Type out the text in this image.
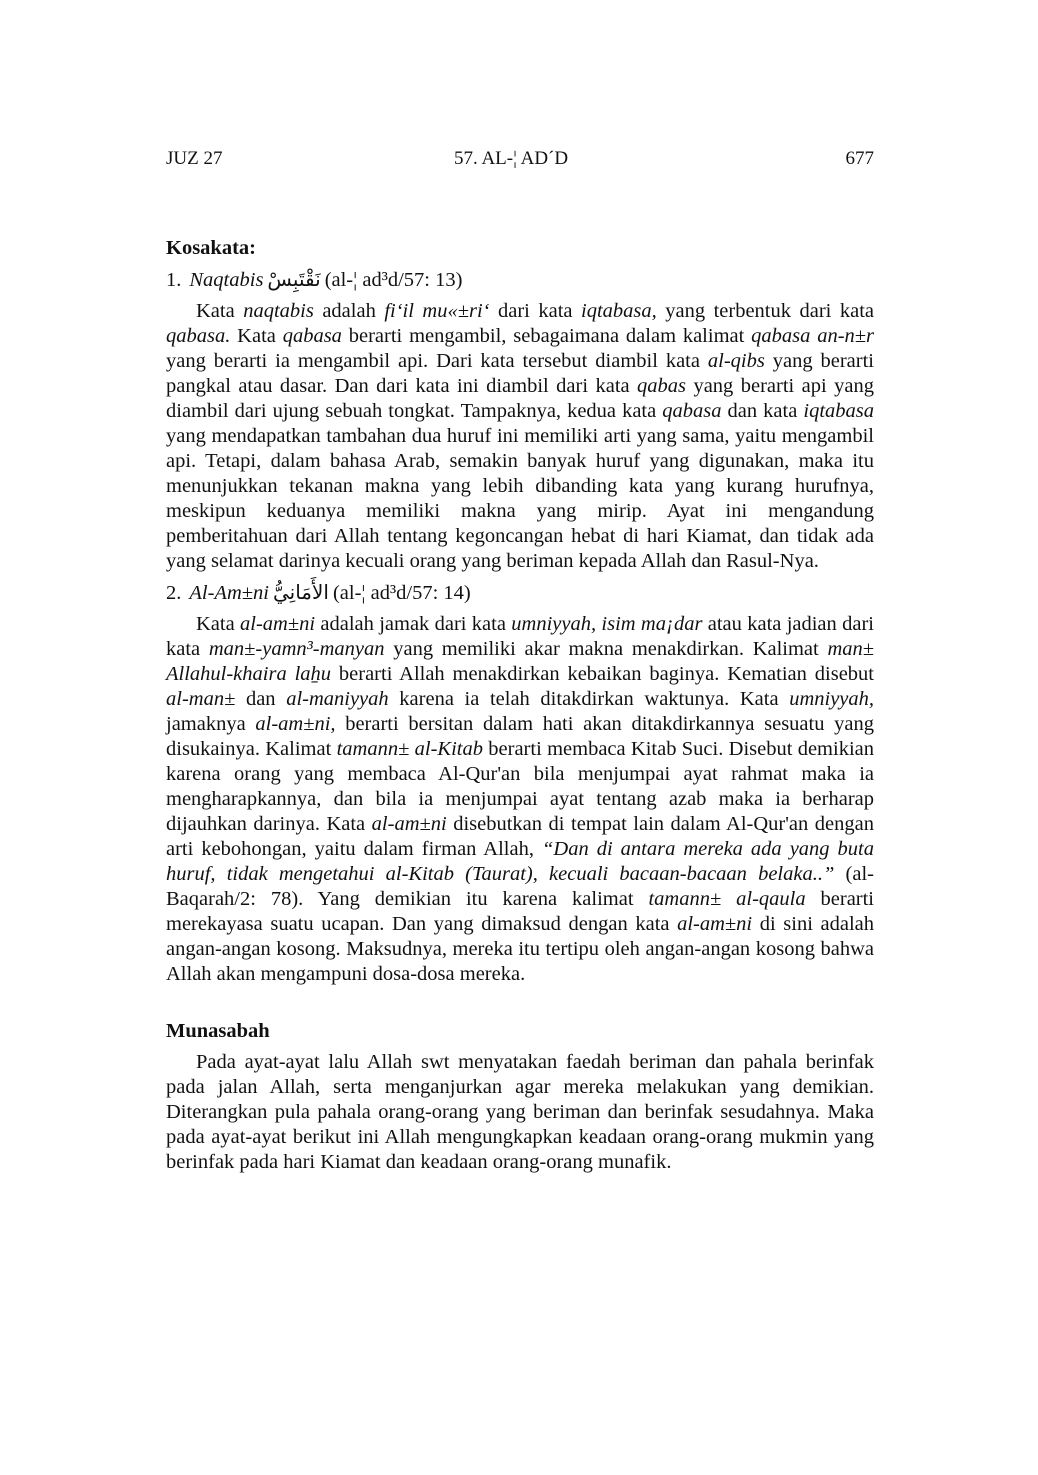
JUZ 27	57. AL-¦ AD´D	677
Kosakata:
1. Naqtabis نَقْتَبِسْ (al-¦ ad³d/57: 13)

Kata naqtabis adalah fi‘il mu«±ri‘ dari kata iqtabasa, yang terbentuk dari kata qabasa. Kata qabasa berarti mengambil, sebagaimana dalam kalimat qabasa an-n±r yang berarti ia mengambil api. Dari kata tersebut diambil kata al-qibs yang berarti pangkal atau dasar. Dan dari kata ini diambil dari kata qabas yang berarti api yang diambil dari ujung sebuah tongkat. Tampaknya, kedua kata qabasa dan kata iqtabasa yang mendapatkan tambahan dua huruf ini memiliki arti yang sama, yaitu mengambil api. Tetapi, dalam bahasa Arab, semakin banyak huruf yang digunakan, maka itu menunjukkan tekanan makna yang lebih dibanding kata yang kurang hurufnya, meskipun keduanya memiliki makna yang mirip. Ayat ini mengandung pemberitahuan dari Allah tentang kegoncangan hebat di hari Kiamat, dan tidak ada yang selamat darinya kecuali orang yang beriman kepada Allah dan Rasul-Nya.

2. Al-Am±ni الأَمَانِيُّ (al-¦ ad³d/57: 14)

Kata al-am±ni adalah jamak dari kata umniyyah, isim ma¡dar atau kata jadian dari kata man±-yamn³-manyan yang memiliki akar makna menakdirkan. Kalimat man± Allahul-khaira laẖu berarti Allah menakdirkan kebaikan baginya. Kematian disebut al-man± dan al-maniyyah karena ia telah ditakdirkan waktunya. Kata umniyyah, jamaknya al-am±ni, berarti bersitan dalam hati akan ditakdirkannya sesuatu yang disukainya. Kalimat tamann± al-Kitab berarti membaca Kitab Suci. Disebut demikian karena orang yang membaca Al-Qur'an bila menjumpai ayat rahmat maka ia mengharapkannya, dan bila ia menjumpai ayat tentang azab maka ia berharap dijauhkan darinya. Kata al-am±ni disebutkan di tempat lain dalam Al-Qur'an dengan arti kebohongan, yaitu dalam firman Allah, “Dan di antara mereka ada yang buta huruf, tidak mengetahui al-Kitab (Taurat), kecuali bacaan-bacaan belaka..” (al-Baqarah/2: 78). Yang demikian itu karena kalimat tamann± al-qaula berarti merekayasa suatu ucapan. Dan yang dimaksud dengan kata al-am±ni di sini adalah angan-angan kosong. Maksudnya, mereka itu tertipu oleh angan-angan kosong bahwa Allah akan mengampuni dosa-dosa mereka.

Munasabah

Pada ayat-ayat lalu Allah swt menyatakan faedah beriman dan pahala berinfak pada jalan Allah, serta menganjurkan agar mereka melakukan yang demikian. Diterangkan pula pahala orang-orang yang beriman dan berinfak sesudahnya. Maka pada ayat-ayat berikut ini Allah mengungkapkan keadaan orang-orang mukmin yang berinfak pada hari Kiamat dan keadaan orang-orang munafik.
